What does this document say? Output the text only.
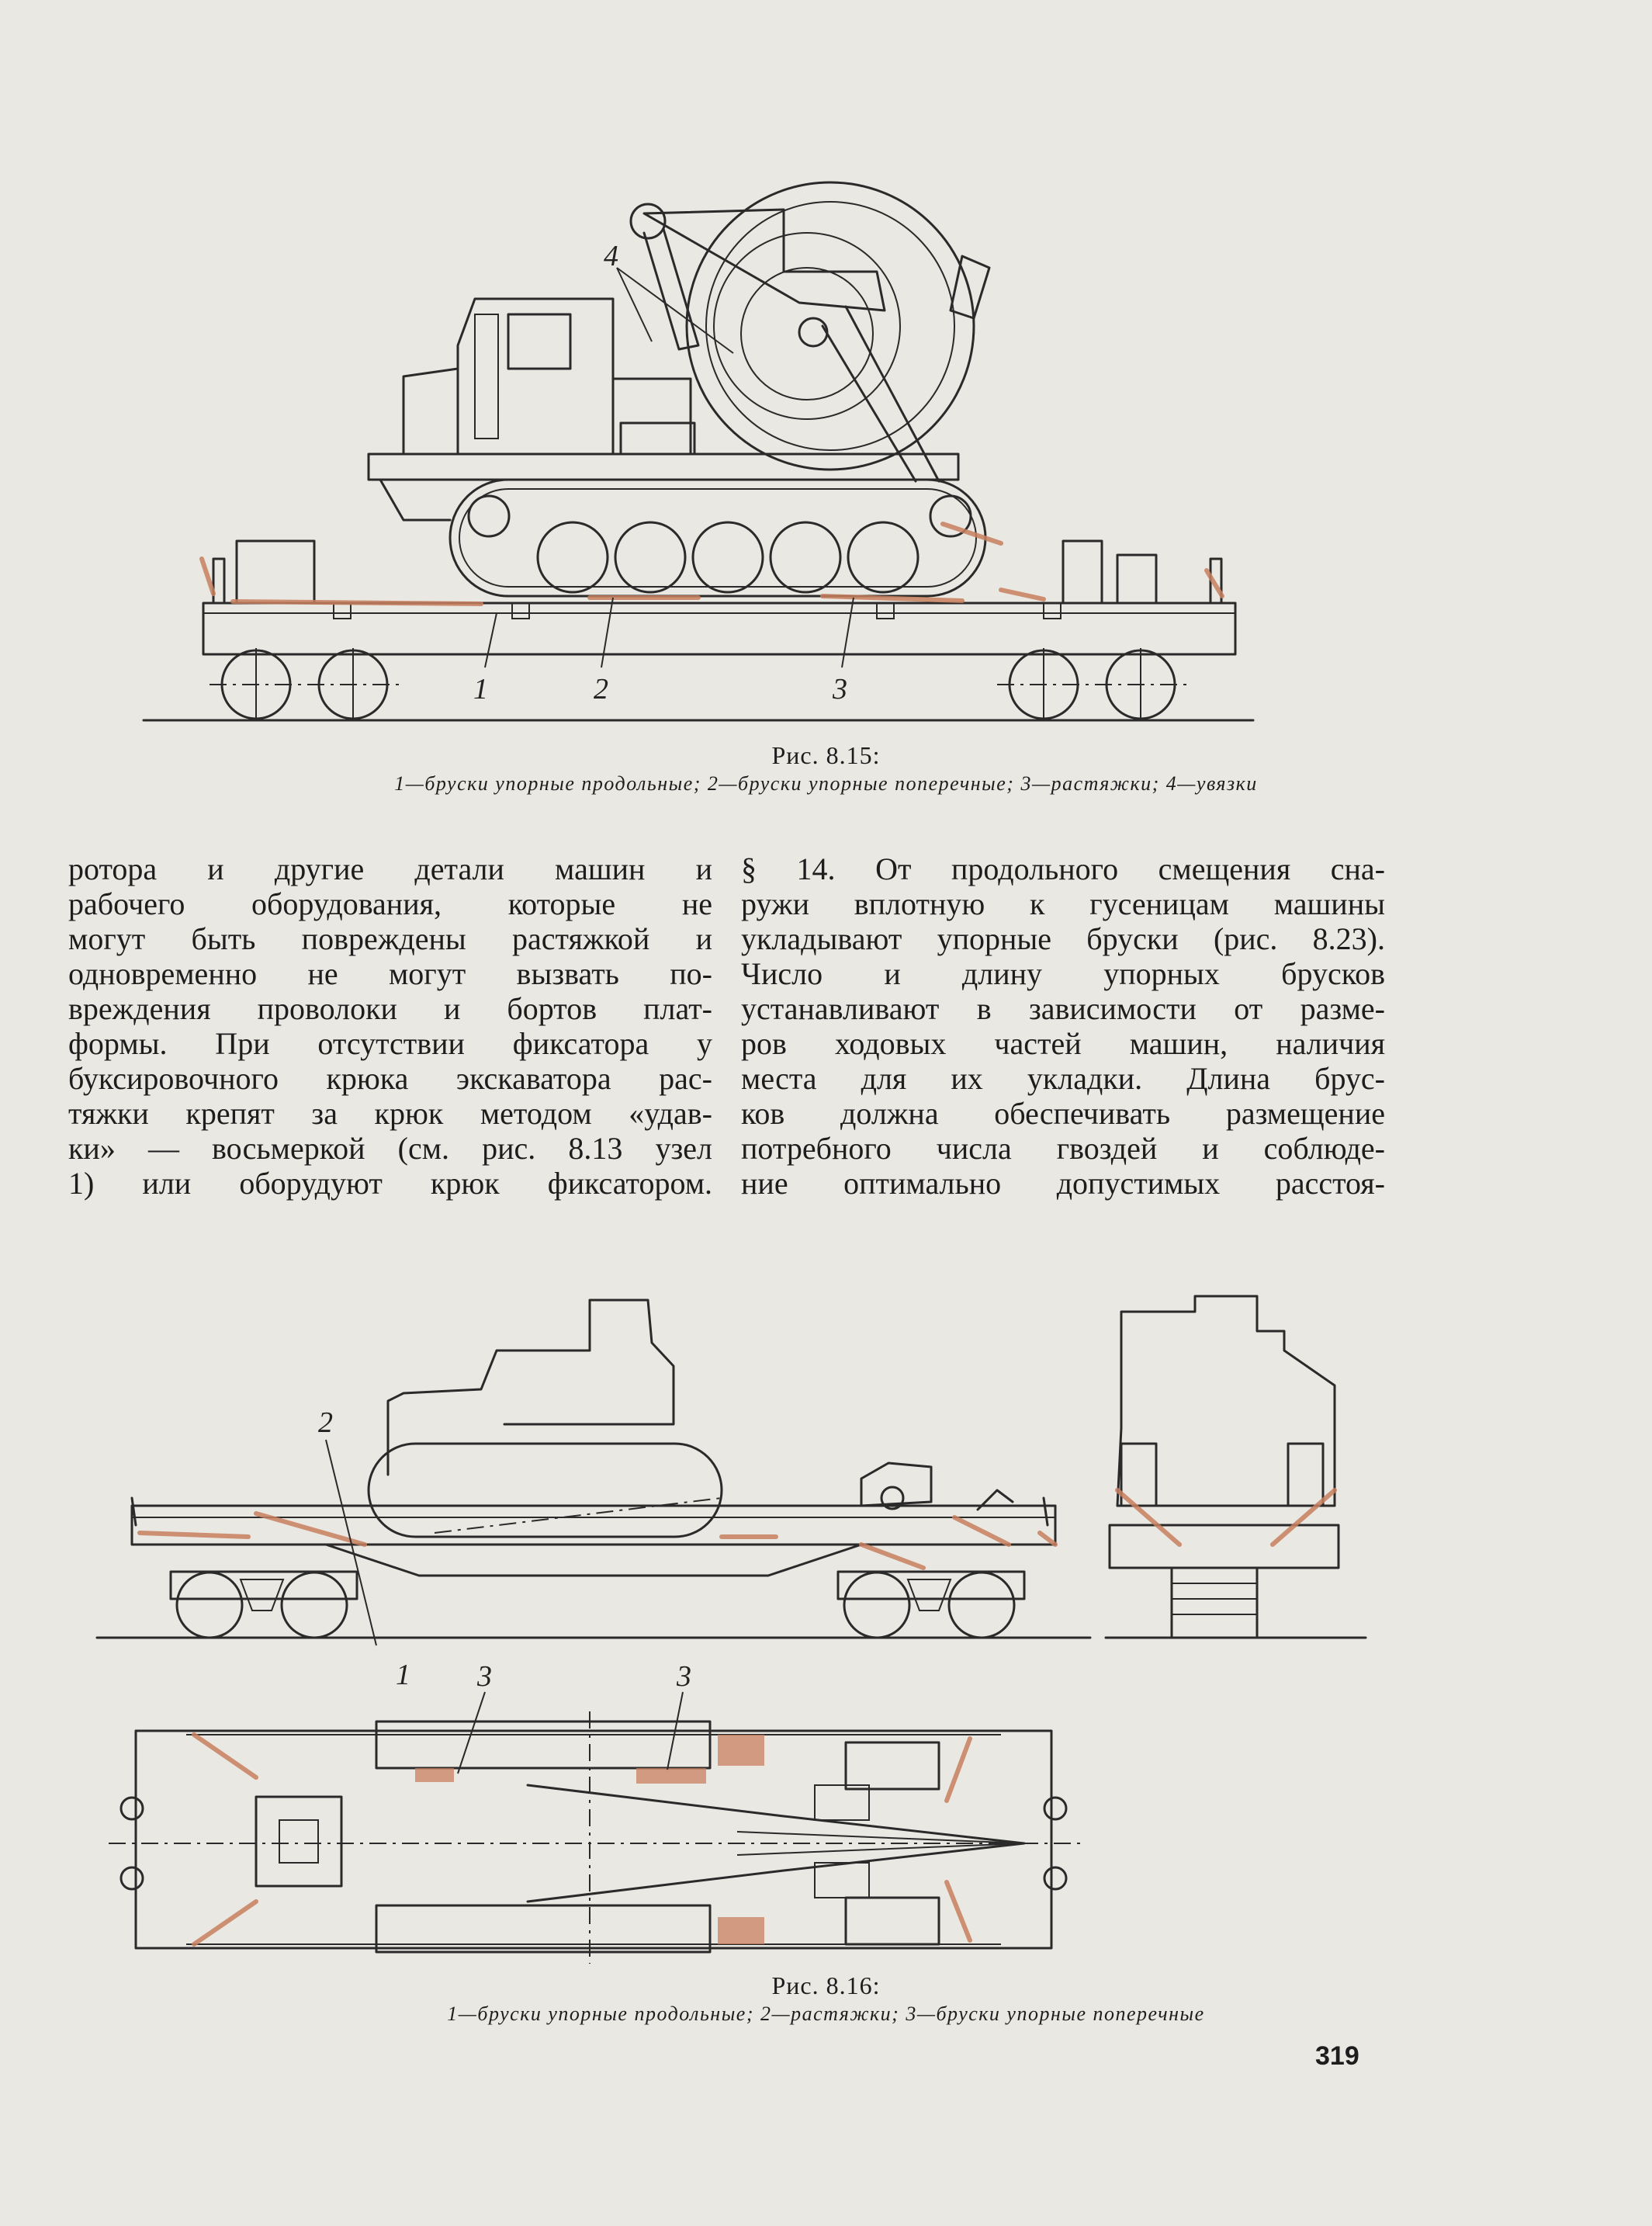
1	2	3
4
Рис. 8.15:
1—бруски упорные продольные; 2—бруски упорные поперечные; 3—растяжки; 4—увязки

ротора и другие детали машин и

рабочего оборудования, которые не

могут быть повреждены растяжкой и

одновременно не могут вызвать по-

вреждения проволоки и бортов плат-

формы. При отсутствии фиксатора у

буксировочного крюка экскаватора рас-

тяжки крепят за крюк методом «удав-

ки» — восьмеркой (см. рис. 8.13 узел

1) или оборудуют крюк фиксатором.

§ 14. От продольного смещения сна-

ружи вплотную к гусеницам машины

укладывают упорные бруски (рис. 8.23).

Число и длину упорных брусков

устанавливают в зависимости от разме-

ров ходовых частей машин, наличия

места для их укладки. Длина брус-

ков должна обеспечивать размещение

потребного числа гвоздей и соблюде-

ние оптимально допустимых расстоя-

2
1 3	3
Рис. 8.16:
1—бруски упорные продольные; 2—растяжки; 3—бруски упорные поперечные
319
